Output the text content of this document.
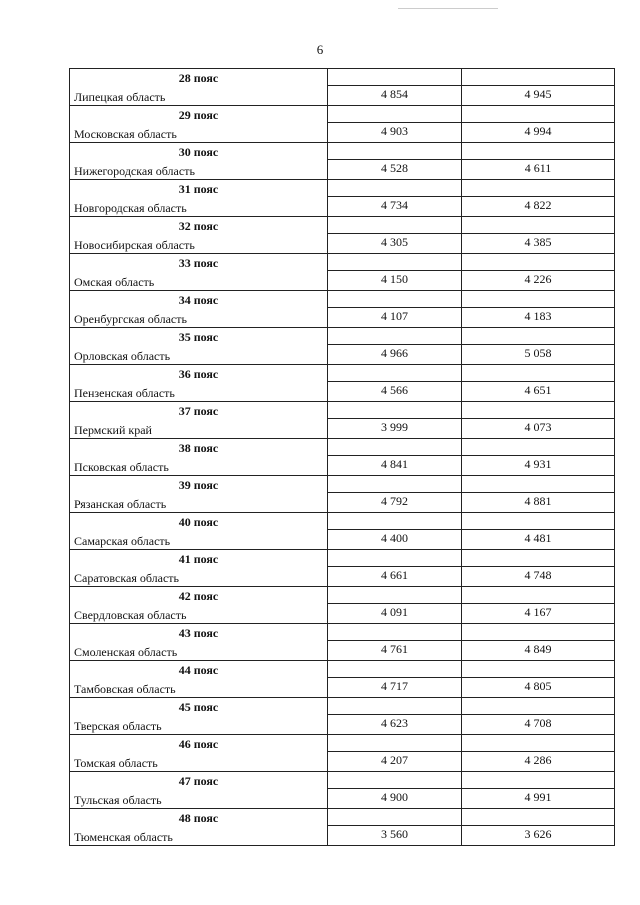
6
28 пояс		
Липецкая область	4 854	4 945
29 пояс		
Московская область	4 903	4 994
30 пояс		
Нижегородская область	4 528	4 611
31 пояс		
Новгородская область	4 734	4 822
32 пояс		
Новосибирская область	4 305	4 385
33 пояс		
Омская область	4 150	4 226
34 пояс		
Оренбургская область	4 107	4 183
35 пояс		
Орловская область	4 966	5 058
36 пояс		
Пензенская область	4 566	4 651
37 пояс		
Пермский край	3 999	4 073
38 пояс		
Псковская область	4 841	4 931
39 пояс		
Рязанская область	4 792	4 881
40 пояс		
Самарская область	4 400	4 481
41 пояс		
Саратовская область	4 661	4 748
42 пояс		
Свердловская область	4 091	4 167
43 пояс		
Смоленская область	4 761	4 849
44 пояс		
Тамбовская область	4 717	4 805
45 пояс		
Тверская область	4 623	4 708
46 пояс		
Томская область	4 207	4 286
47 пояс		
Тульская область	4 900	4 991
48 пояс		
Тюменская область	3 560	3 626
